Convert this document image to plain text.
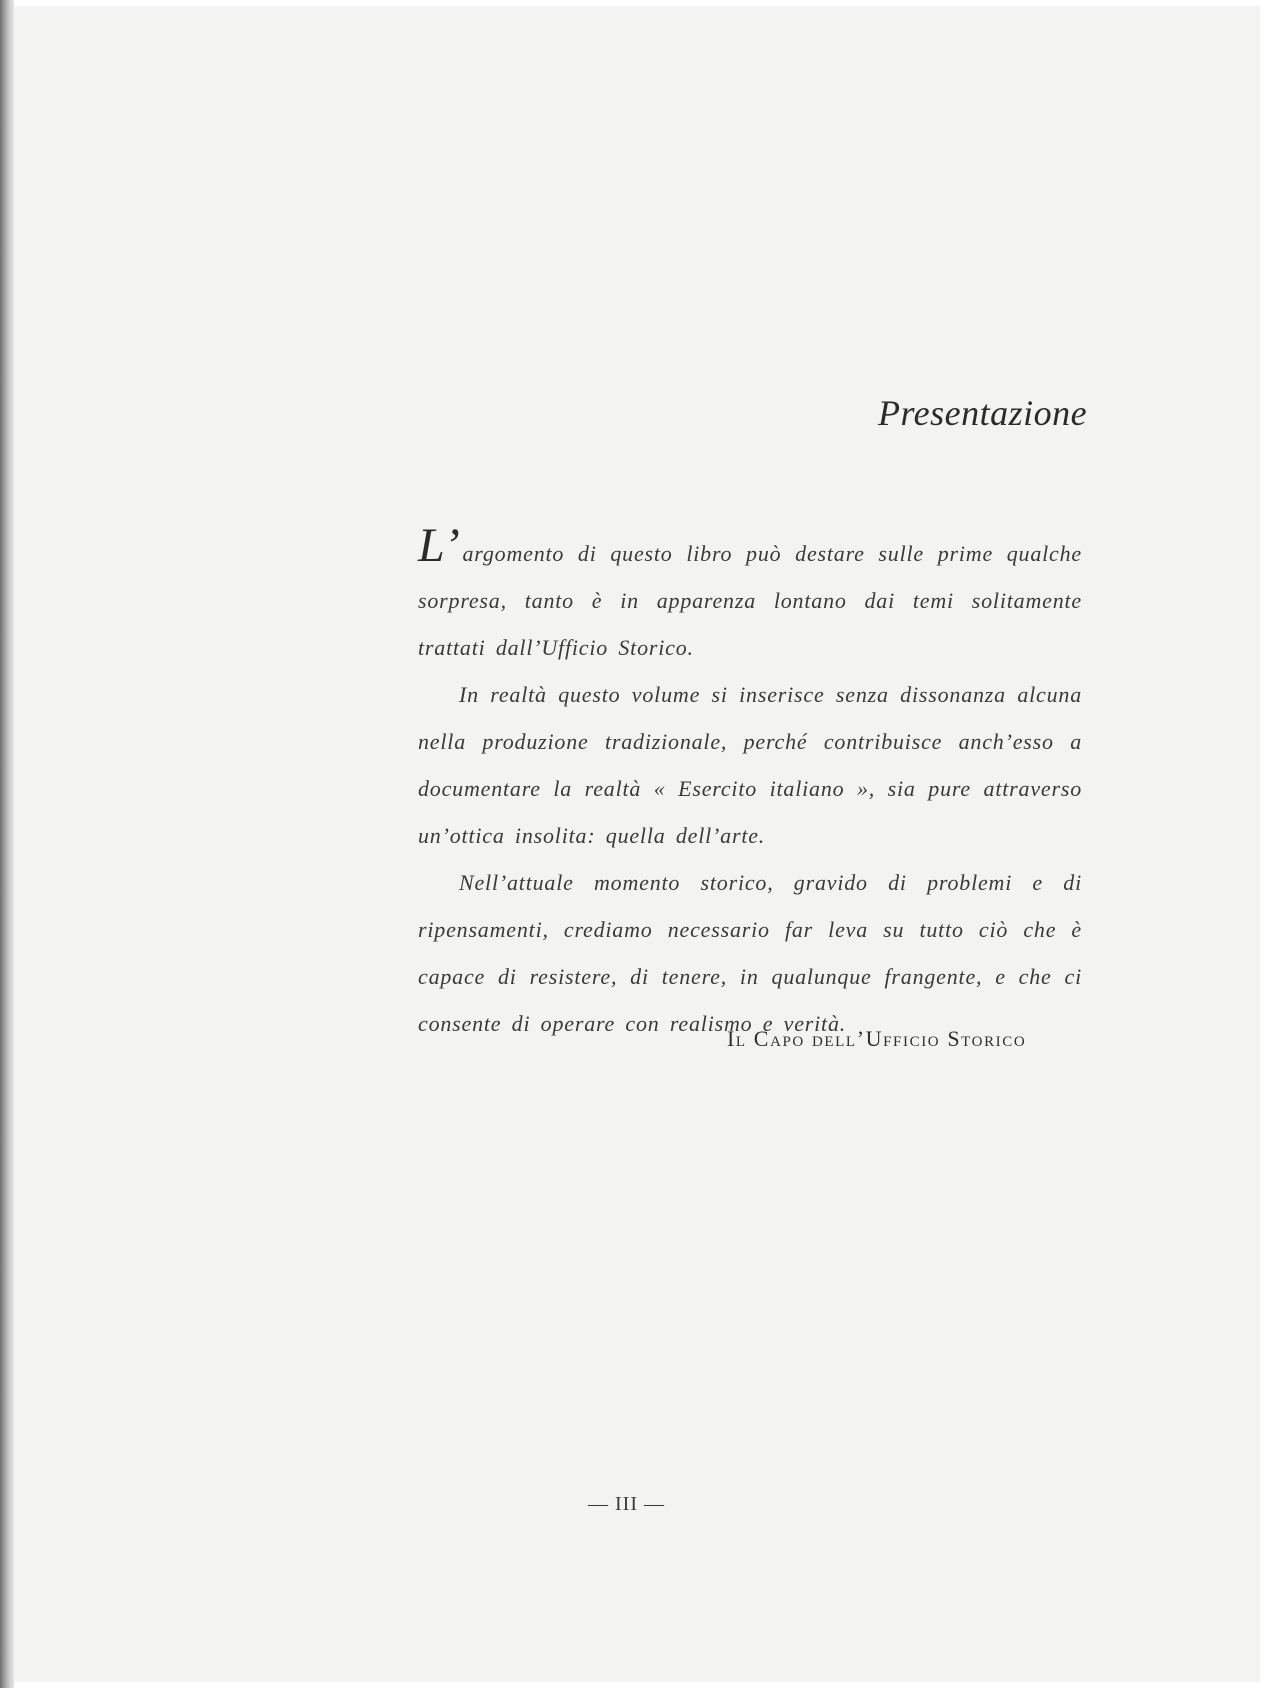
Presentazione

L’argomento di questo libro può destare sulle prime qualche sorpresa, tanto è in apparenza lontano dai temi solitamente trattati dall’Ufficio Storico.

In realtà questo volume si inserisce senza dissonanza alcuna nella produzione tradizionale, perché contribuisce anch’esso a documentare la realtà « Esercito italiano », sia pure attraverso un’ottica insolita: quella dell’arte.

Nell’attuale momento storico, gravido di problemi e di ripensamenti, crediamo necessario far leva su tutto ciò che è capace di resistere, di tenere, in qualunque frangente, e che ci consente di operare con realismo e verità.

Il Capo dell’Ufficio Storico
— III —
